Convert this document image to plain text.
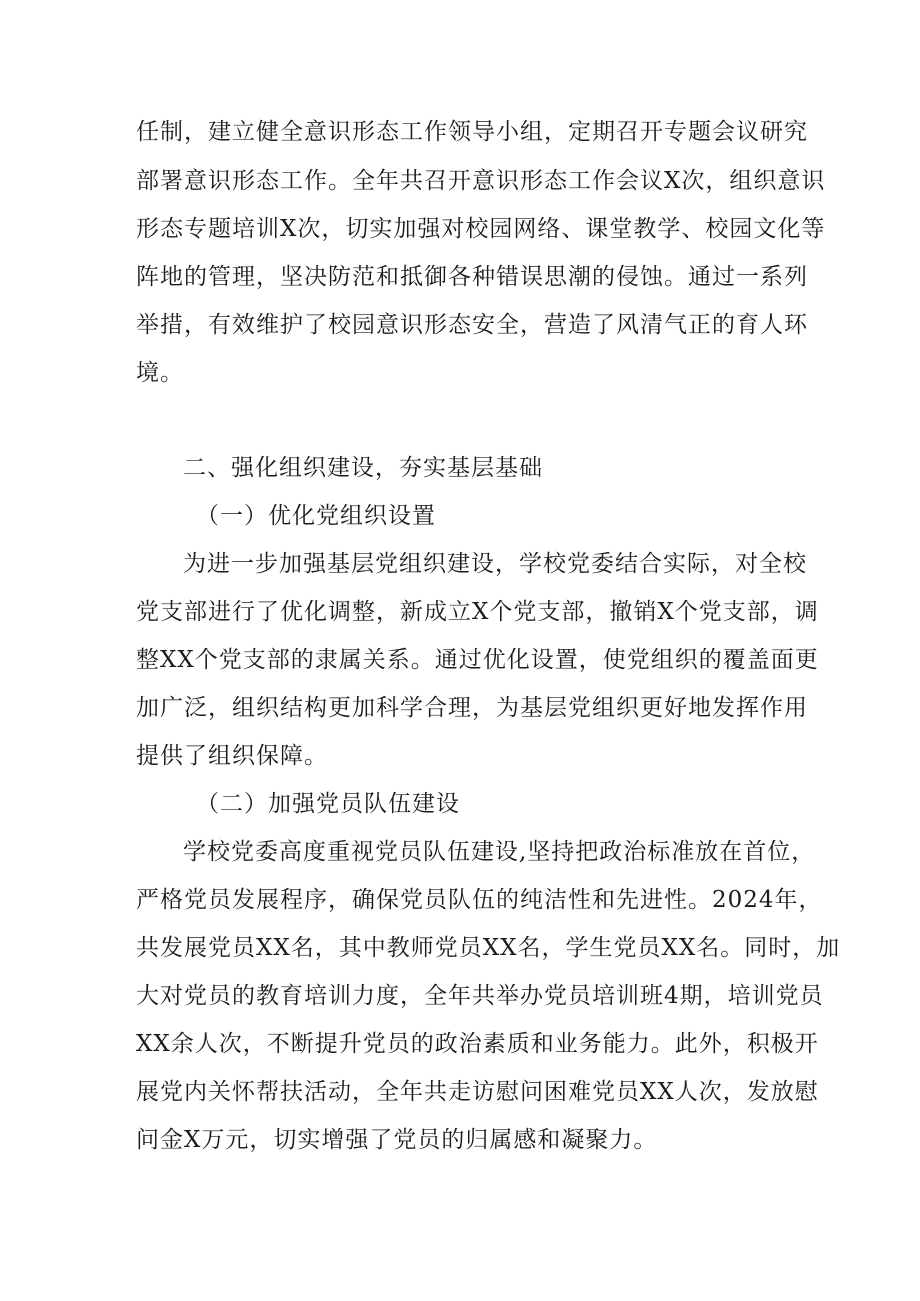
任制，建立健全意识形态工作领导小组，定期召开专题会议研究
部署意识形态工作。全年共召开意识形态工作会议X次，组织意识
形态专题培训X次，切实加强对校园网络、课堂教学、校园文化等
阵地的管理，坚决防范和抵御各种错误思潮的侵蚀。通过一系列
举措，有效维护了校园意识形态安全，营造了风清气正的育人环
境。
二、强化组织建设，夯实基层基础
（一）优化党组织设置
为进一步加强基层党组织建设，学校党委结合实际，对全校
党支部进行了优化调整，新成立X个党支部，撤销X个党支部，调
整XX个党支部的隶属关系。通过优化设置，使党组织的覆盖面更
加广泛，组织结构更加科学合理，为基层党组织更好地发挥作用
提供了组织保障。
（二）加强党员队伍建设
学校党委高度重视党员队伍建设,坚持把政治标准放在首位，
严格党员发展程序，确保党员队伍的纯洁性和先进性。2024年，
共发展党员XX名，其中教师党员XX名，学生党员XX名。同时，加
大对党员的教育培训力度，全年共举办党员培训班4期，培训党员
XX余人次，不断提升党员的政治素质和业务能力。此外，积极开
展党内关怀帮扶活动，全年共走访慰问困难党员XX人次，发放慰
问金X万元，切实增强了党员的归属感和凝聚力。
